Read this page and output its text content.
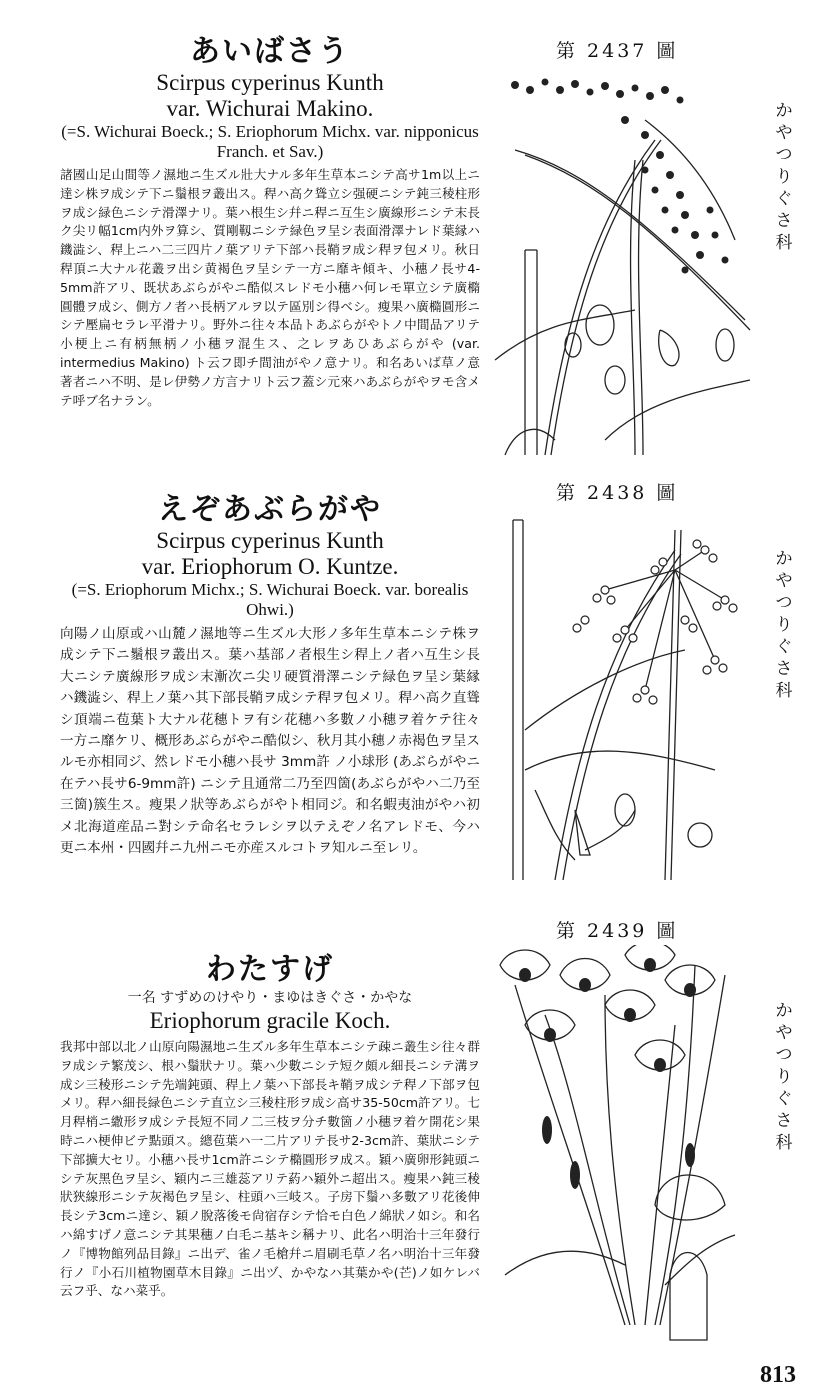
あいばさう
Scirpus cyperinus Kunth
var. Wichurai Makino.
(=S. Wichurai Boeck.; S. Eriophorum Michx. var. nipponicus Franch. et Sav.)
諸國山足山間等ノ濕地ニ生ズル壯大ナル多年生草本ニシテ高サ1m以上ニ達シ株ヲ成シテ下ニ鬚根ヲ叢出ス。稈ハ高ク聳立シ强硬ニシテ鈍三稜柱形ヲ成シ緑色ニシテ滑澤ナリ。葉ハ根生シ幷ニ稈ニ互生シ廣線形ニシテ末長ク尖リ幅1cm内外ヲ算シ、質剛靱ニシテ緑色ヲ呈シ表面滑澤ナレド葉縁ハ鐖澁シ、稈上ニハ二三四片ノ葉アリテ下部ハ長鞘ヲ成シ稈ヲ包メリ。秋日稈頂ニ大ナル花叢ヲ出シ黄褐色ヲ呈シテ一方ニ靡キ傾キ、小穗ノ長サ4-5mm許アリ、既状あぶらがやニ酷似スレドモ小穗ハ何レモ單立シテ廣橢圓體ヲ成シ、側方ノ者ハ長柄アルヲ以テ區別シ得ベシ。瘦果ハ廣橢圓形ニシテ壓扁セラレ平滑ナリ。野外ニ往々本品トあぶらがやトノ中間品アリテ小梗上ニ有柄無柄ノ小穗ヲ混生ス、之レヲあひあぶらがや (var. intermedius Makino) ト云フ即チ間油がやノ意ナリ。和名あいば草ノ意著者ニハ不明、是レ伊勢ノ方言ナリト云フ蓋シ元來ハあぶらがやヲモ含メテ呼ブ名ナラン。
第 2437 圖
か
や
つ
り
ぐ
さ
科
えぞあぶらがや
Scirpus cyperinus Kunth
var. Eriophorum O. Kuntze.
(=S. Eriophorum Michx.; S. Wichurai Boeck. var. borealis Ohwi.)
向陽ノ山原或ハ山麓ノ濕地等ニ生ズル大形ノ多年生草本ニシテ株ヲ成シテ下ニ鬚根ヲ叢出ス。葉ハ基部ノ者根生シ稈上ノ者ハ互生シ長大ニシテ廣線形ヲ成シ末漸次ニ尖リ硬質滑澤ニシテ緑色ヲ呈シ葉縁ハ鐖澁シ、稈上ノ葉ハ其下部長鞘ヲ成シテ稈ヲ包メリ。稈ハ高ク直聳シ頂端ニ苞葉ト大ナル花穗トヲ有シ花穗ハ多數ノ小穗ヲ着ケテ往々一方ニ靡ケリ、概形あぶらがやニ酷似シ、秋月其小穗ノ赤褐色ヲ呈スルモ亦相同ジ、然レドモ小穗ハ長サ 3mm許 ノ小球形 (あぶらがやニ在テハ長サ6-9mm許) ニシテ且通常二乃至四箇(あぶらがやハ二乃至三箇)簇生ス。瘦果ノ狀等あぶらがやト相同ジ。和名蝦夷油がやハ初メ北海道産品ニ對シテ命名セラレシヲ以テえぞノ名アレドモ、今ハ更ニ本州・四國幷ニ九州ニモ亦産スルコトヲ知ルニ至レリ。
第 2438 圖
か
や
つ
り
ぐ
さ
科
わたすげ
一名 すずめのけやり・まゆはきぐさ・かやな
Eriophorum gracile Koch.
我邦中部以北ノ山原向陽濕地ニ生ズル多年生草本ニシテ疎ニ叢生シ往々群ヲ成シテ繁茂シ、根ハ鬚狀ナリ。葉ハ少數ニシテ短ク頗ル細長ニシテ溝ヲ成シ三稜形ニシテ先端鈍頭、稈上ノ葉ハ下部長キ鞘ヲ成シテ稈ノ下部ヲ包メリ。稈ハ細長緑色ニシテ直立シ三稜柱形ヲ成シ高サ35-50cm許アリ。七月稈梢ニ繖形ヲ成シテ長短不同ノ二三枝ヲ分チ數箇ノ小穗ヲ着ケ開花シ果時ニハ梗伸ビテ點頭ス。總苞葉ハ一二片アリテ長サ2-3cm許、葉狀ニシテ下部擴大セリ。小穗ハ長サ1cm許ニシテ橢圓形ヲ成ス。穎ハ廣卵形鈍頭ニシテ灰黑色ヲ呈シ、穎内ニ三雄蕊アリテ葯ハ穎外ニ超出ス。瘦果ハ鈍三稜狀狹線形ニシテ灰褐色ヲ呈シ、柱頭ハ三岐ス。子房下鬚ハ多數アリ花後伸長シテ3cmニ達シ、穎ノ脫落後モ尙宿存シテ恰モ白色ノ綿狀ノ如シ。和名ハ綿すげノ意ニシテ其果穗ノ白毛ニ基キシ稱ナリ、此名ハ明治十三年發行ノ『博物館列品目錄』ニ出デ、雀ノ毛槍幷ニ眉刷毛草ノ名ハ明治十三年發行ノ『小石川植物園草木目錄』ニ出ヅ、かやなハ其葉かや(芒)ノ如ケレバ云フ乎、なハ菜乎。
第 2439 圖
か
や
つ
り
ぐ
さ
科
813
